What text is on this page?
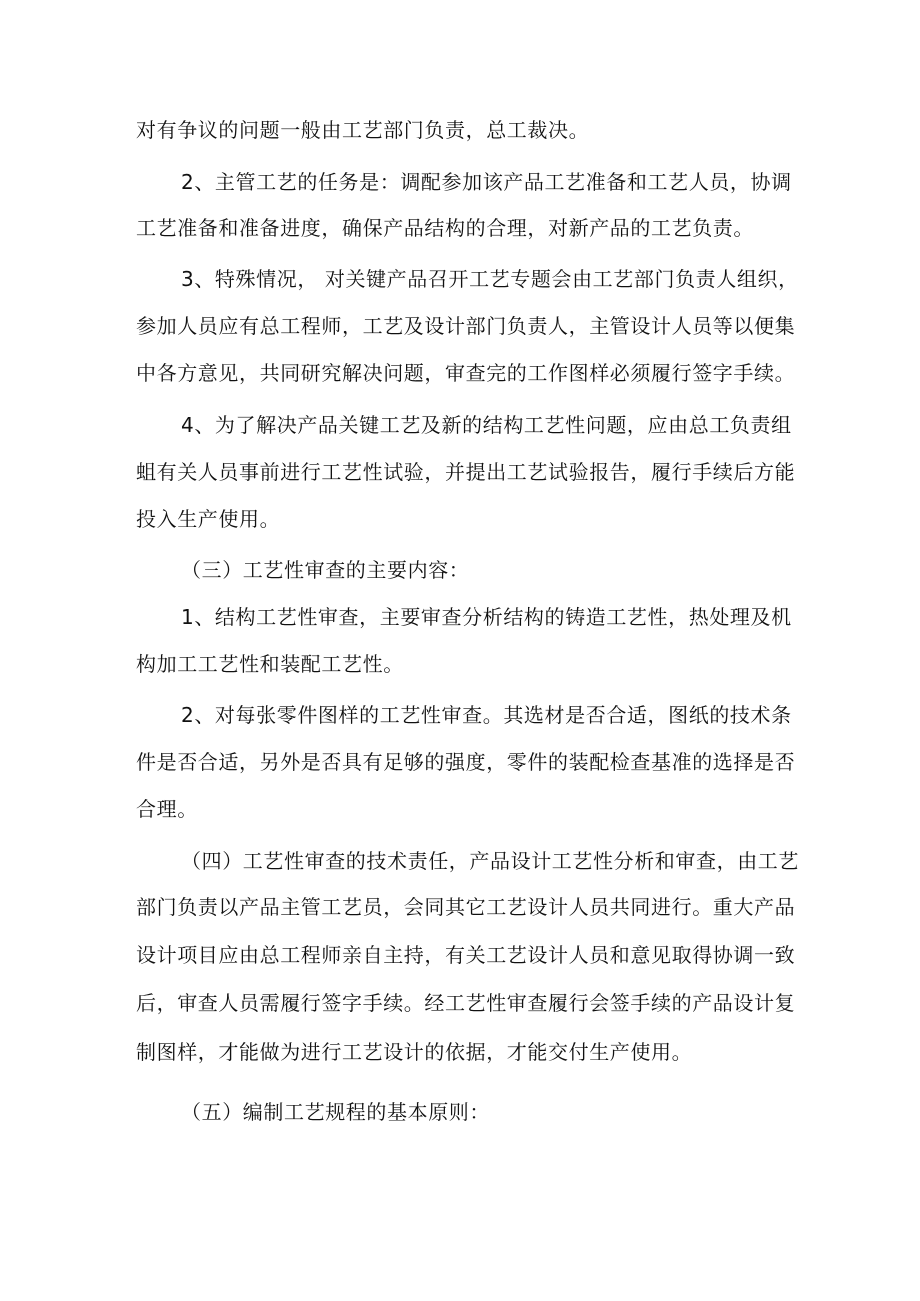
对有争议的问题一般由工艺部门负责，总工裁决。
2、主管工艺的任务是：调配参加该产品工艺准备和工艺人员，协调
工艺准备和准备进度，确保产品结构的合理，对新产品的工艺负责。
3、特殊情况， 对关键产品召开工艺专题会由工艺部门负责人组织，
参加人员应有总工程师，工艺及设计部门负责人，主管设计人员等以便集
中各方意见，共同研究解决问题，审查完的工作图样必须履行签字手续。
4、为了解决产品关键工艺及新的结构工艺性问题，应由总工负责组
蛆有关人员事前进行工艺性试验，并提出工艺试验报告，履行手续后方能
投入生产使用。
（三）工艺性审查的主要内容：
1、结构工艺性审查，主要审查分析结构的铸造工艺性，热处理及机
构加工工艺性和装配工艺性。
2、对每张零件图样的工艺性审查。其选材是否合适，图纸的技术条
件是否合适，另外是否具有足够的强度，零件的装配检查基准的选择是否
合理。
（四）工艺性审查的技术责任，产品设计工艺性分析和审查，由工艺
部门负责以产品主管工艺员，会同其它工艺设计人员共同进行。重大产品
设计项目应由总工程师亲自主持，有关工艺设计人员和意见取得协调一致
后，审查人员需履行签字手续。经工艺性审查履行会签手续的产品设计复
制图样，才能做为进行工艺设计的依据，才能交付生产使用。
（五）编制工艺规程的基本原则：
